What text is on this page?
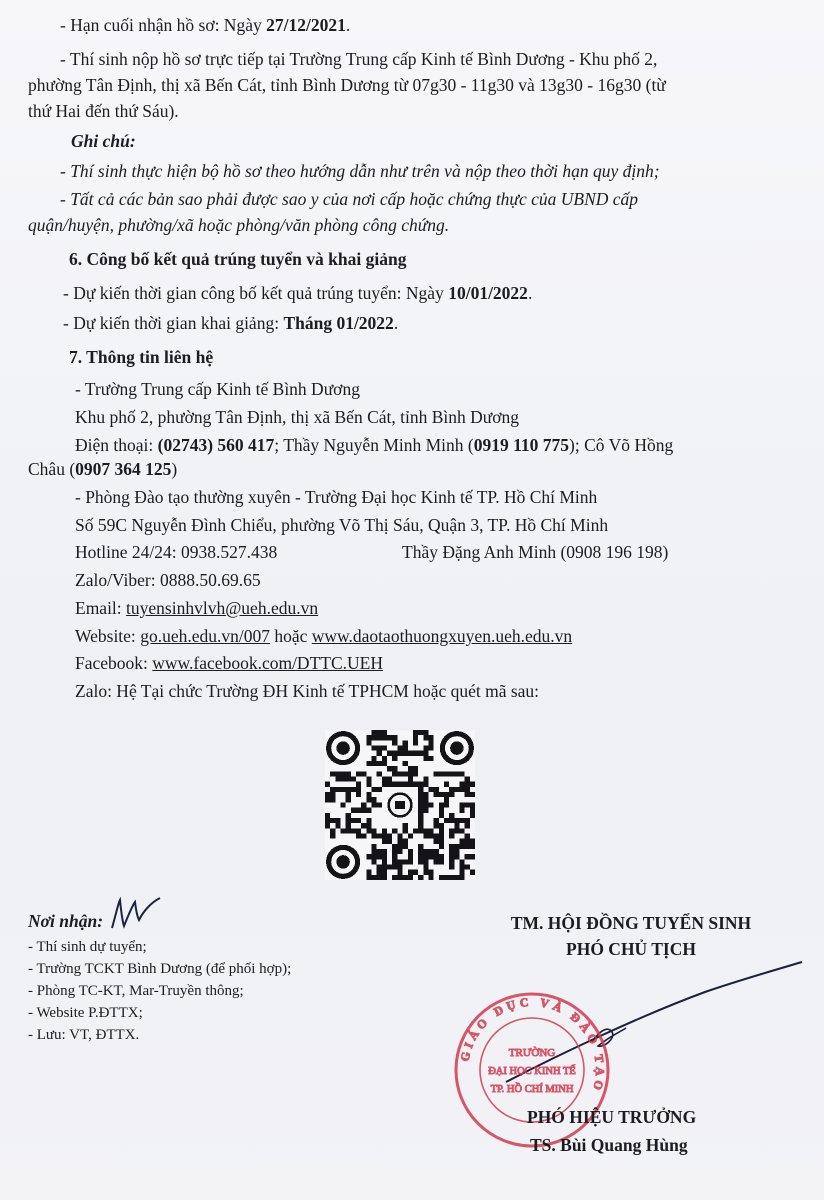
- Hạn cuối nhận hồ sơ: Ngày 27/12/2021.
- Thí sinh nộp hồ sơ trực tiếp tại Trường Trung cấp Kinh tế Bình Dương - Khu phố 2,
phường Tân Định, thị xã Bến Cát, tỉnh Bình Dương từ 07g30 - 11g30 và 13g30 - 16g30 (từ
thứ Hai đến thứ Sáu).
Ghi chú:
- Thí sinh thực hiện bộ hồ sơ theo hướng dẫn như trên và nộp theo thời hạn quy định;
- Tất cả các bản sao phải được sao y của nơi cấp hoặc chứng thực của UBND cấp
quận/huyện, phường/xã hoặc phòng/văn phòng công chứng.
6. Công bố kết quả trúng tuyển và khai giảng
- Dự kiến thời gian công bố kết quả trúng tuyển: Ngày 10/01/2022.
- Dự kiến thời gian khai giảng: Tháng 01/2022.
7. Thông tin liên hệ
- Trường Trung cấp Kinh tế Bình Dương
Khu phố 2, phường Tân Định, thị xã Bến Cát, tỉnh Bình Dương
Điện thoại: (02743) 560 417; Thầy Nguyễn Minh Minh (0919 110 775); Cô Võ Hồng
Châu (0907 364 125)
- Phòng Đào tạo thường xuyên - Trường Đại học Kinh tế TP. Hồ Chí Minh
Số 59C Nguyễn Đình Chiểu, phường Võ Thị Sáu, Quận 3, TP. Hồ Chí Minh
Hotline 24/24: 0938.527.438	Thầy Đặng Anh Minh (0908 196 198)
Zalo/Viber: 0888.50.69.65
Email: tuyensinhvlvh@ueh.edu.vn
Website: go.ueh.edu.vn/007 hoặc www.daotaothuongxuyen.ueh.edu.vn
Facebook: www.facebook.com/DTTC.UEH
Zalo: Hệ Tại chức Trường ĐH Kinh tế TPHCM hoặc quét mã sau:
Nơi nhận:
- Thí sinh dự tuyển;
- Trường TCKT Bình Dương (để phối hợp);
- Phòng TC-KT, Mar-Truyền thông;
- Website P.ĐTTX;
- Lưu: VT, ĐTTX.
TM. HỘI ĐỒNG TUYỂN SINH
PHÓ CHỦ TỊCH
GIÁO DỤC VÀ ĐÀO TẠO
TRƯỜNG
ĐẠI HỌC KINH TẾ
TP. HỒ CHÍ MINH
PHÓ HIỆU TRƯỞNG
TS. Bùi Quang Hùng
